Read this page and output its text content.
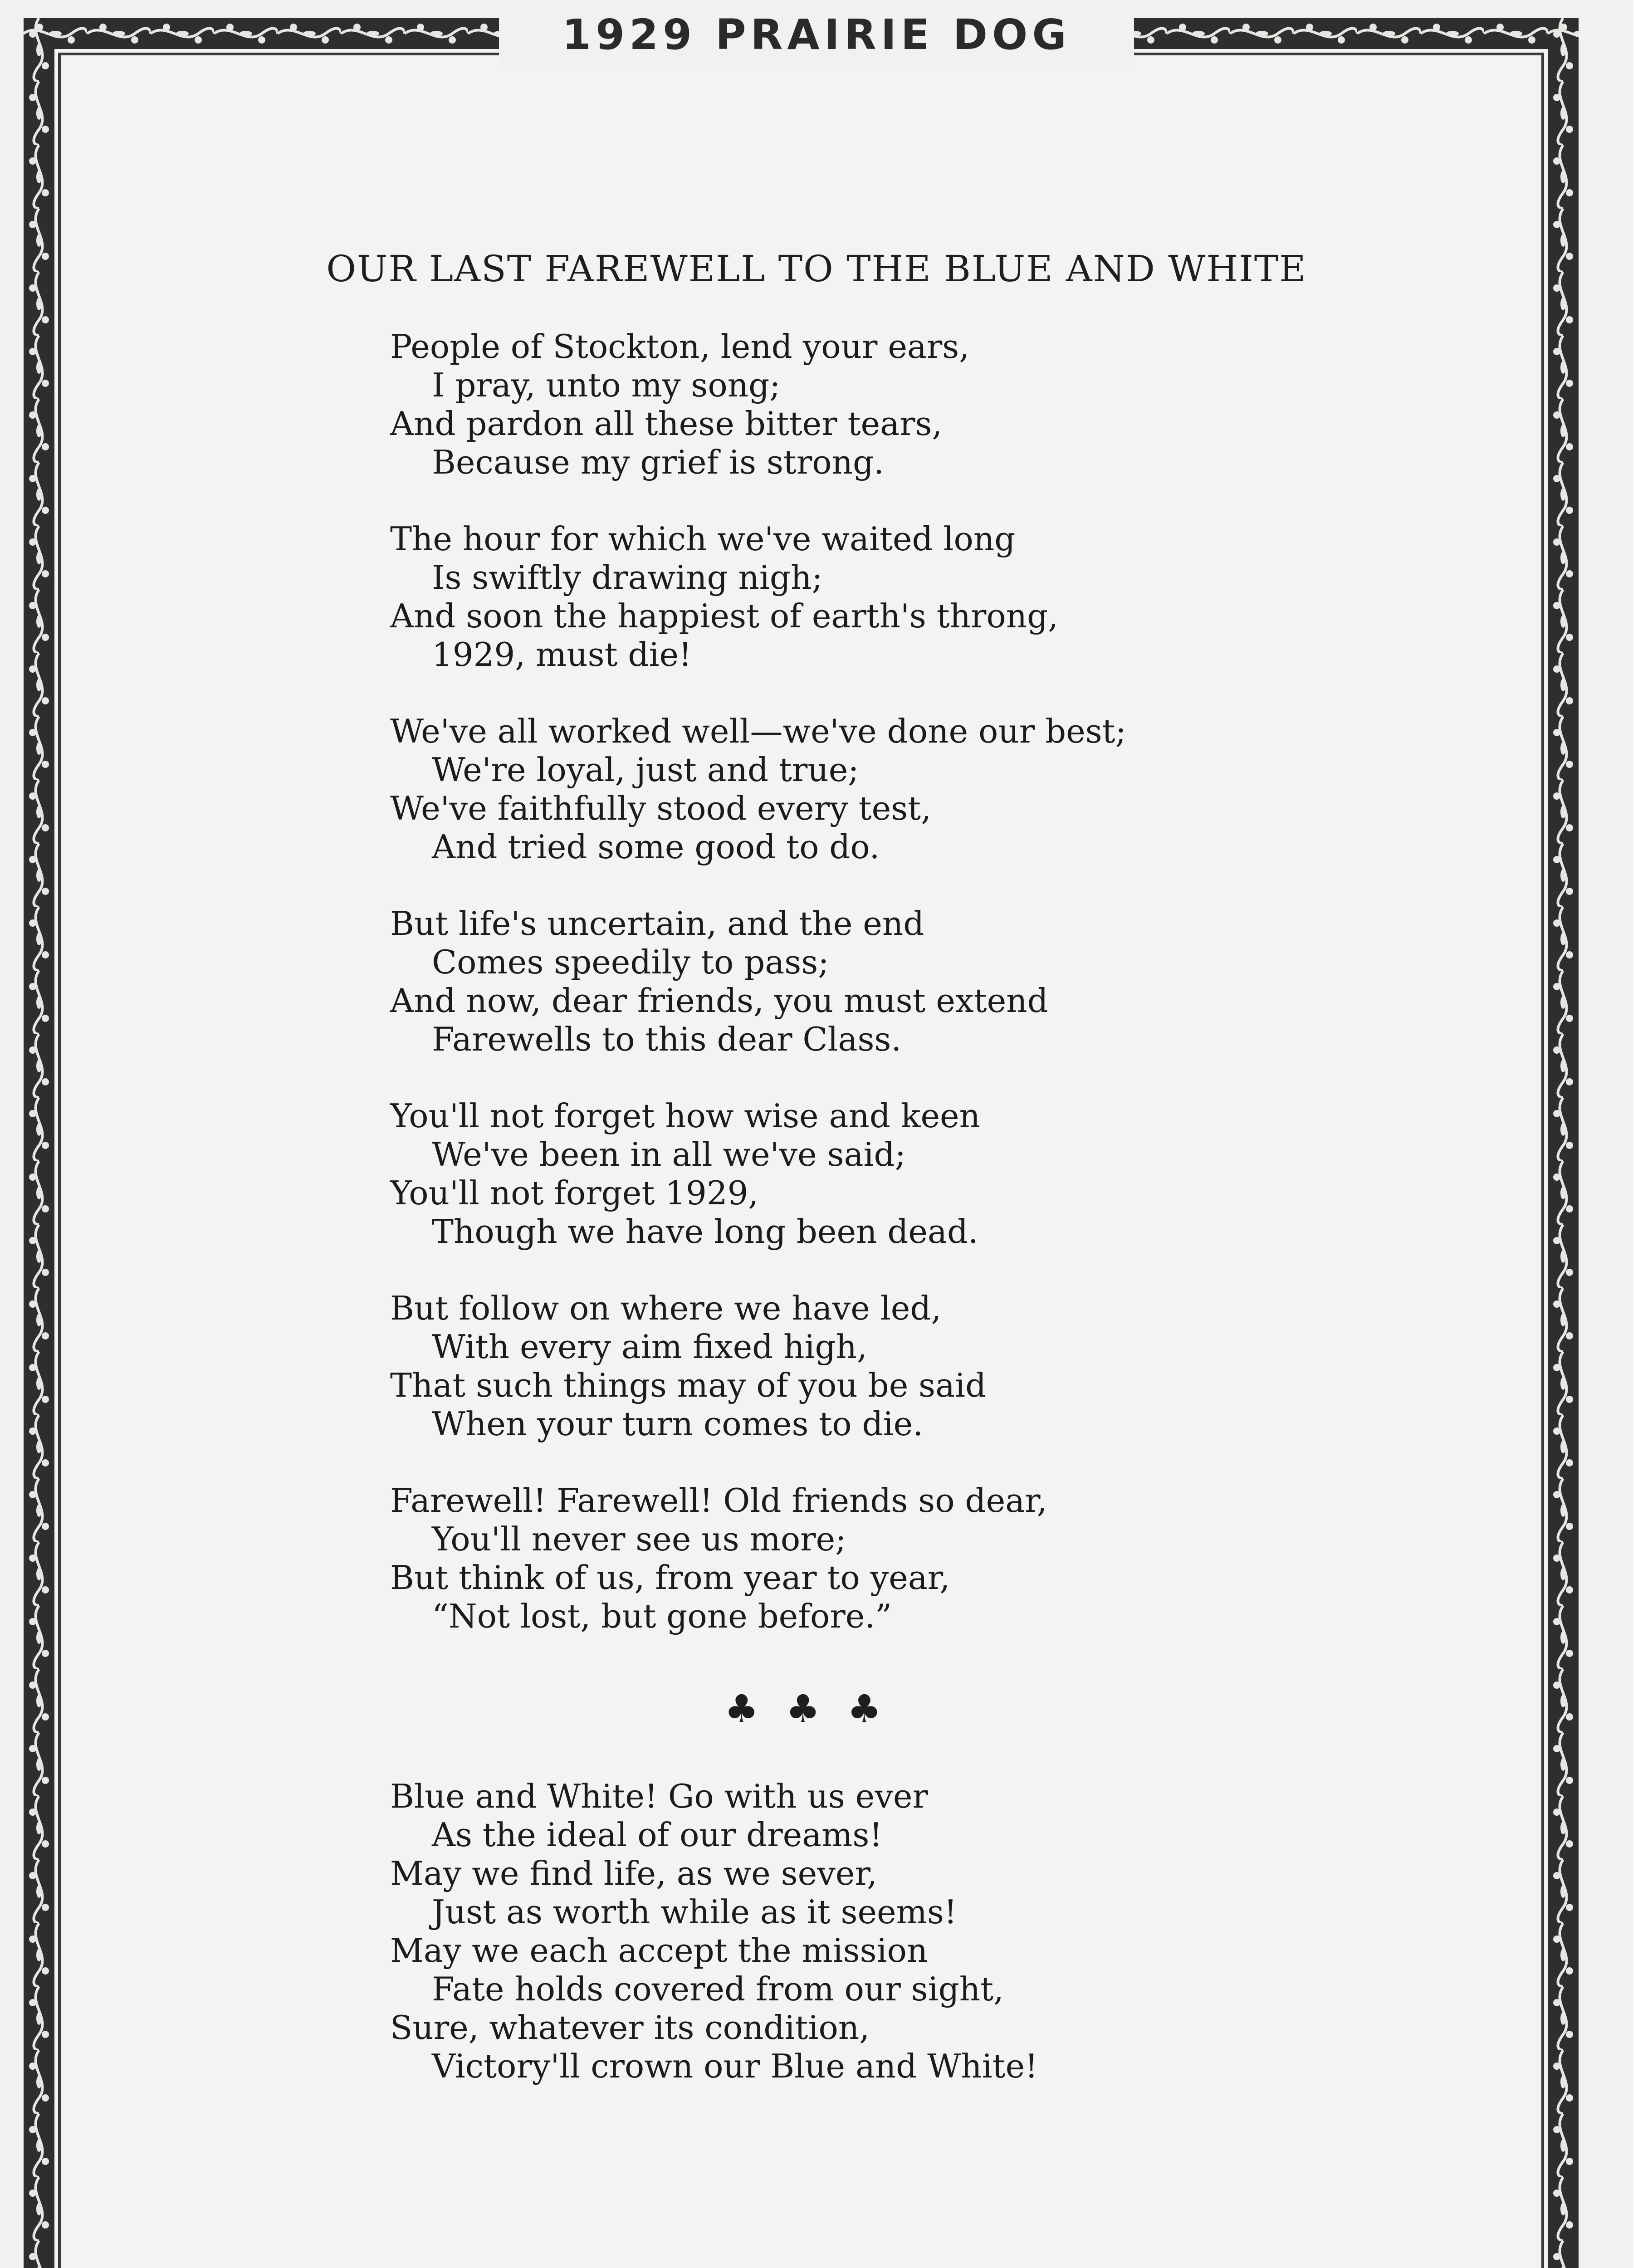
1929 PRAIRIE DOG
OUR LAST FAREWELL TO THE BLUE AND WHITE
People of Stockton, lend your ears,
I pray, unto my song;
And pardon all these bitter tears,
Because my grief is strong.
The hour for which we've waited long
Is swiftly drawing nigh;
And soon the happiest of earth's throng,
1929, must die!
We've all worked well—we've done our best;
We're loyal, just and true;
We've faithfully stood every test,
And tried some good to do.
But life's uncertain, and the end
Comes speedily to pass;
And now, dear friends, you must extend
Farewells to this dear Class.
You'll not forget how wise and keen
We've been in all we've said;
You'll not forget 1929,
Though we have long been dead.
But follow on where we have led,
With every aim fixed high,
That such things may of you be said
When your turn comes to die.
Farewell! Farewell! Old friends so dear,
You'll never see us more;
But think of us, from year to year,
“Not lost, but gone before.”
♣♣♣
Blue and White! Go with us ever
As the ideal of our dreams!
May we find life, as we sever,
Just as worth while as it seems!
May we each accept the mission
Fate holds covered from our sight,
Sure, whatever its condition,
Victory'll crown our Blue and White!
